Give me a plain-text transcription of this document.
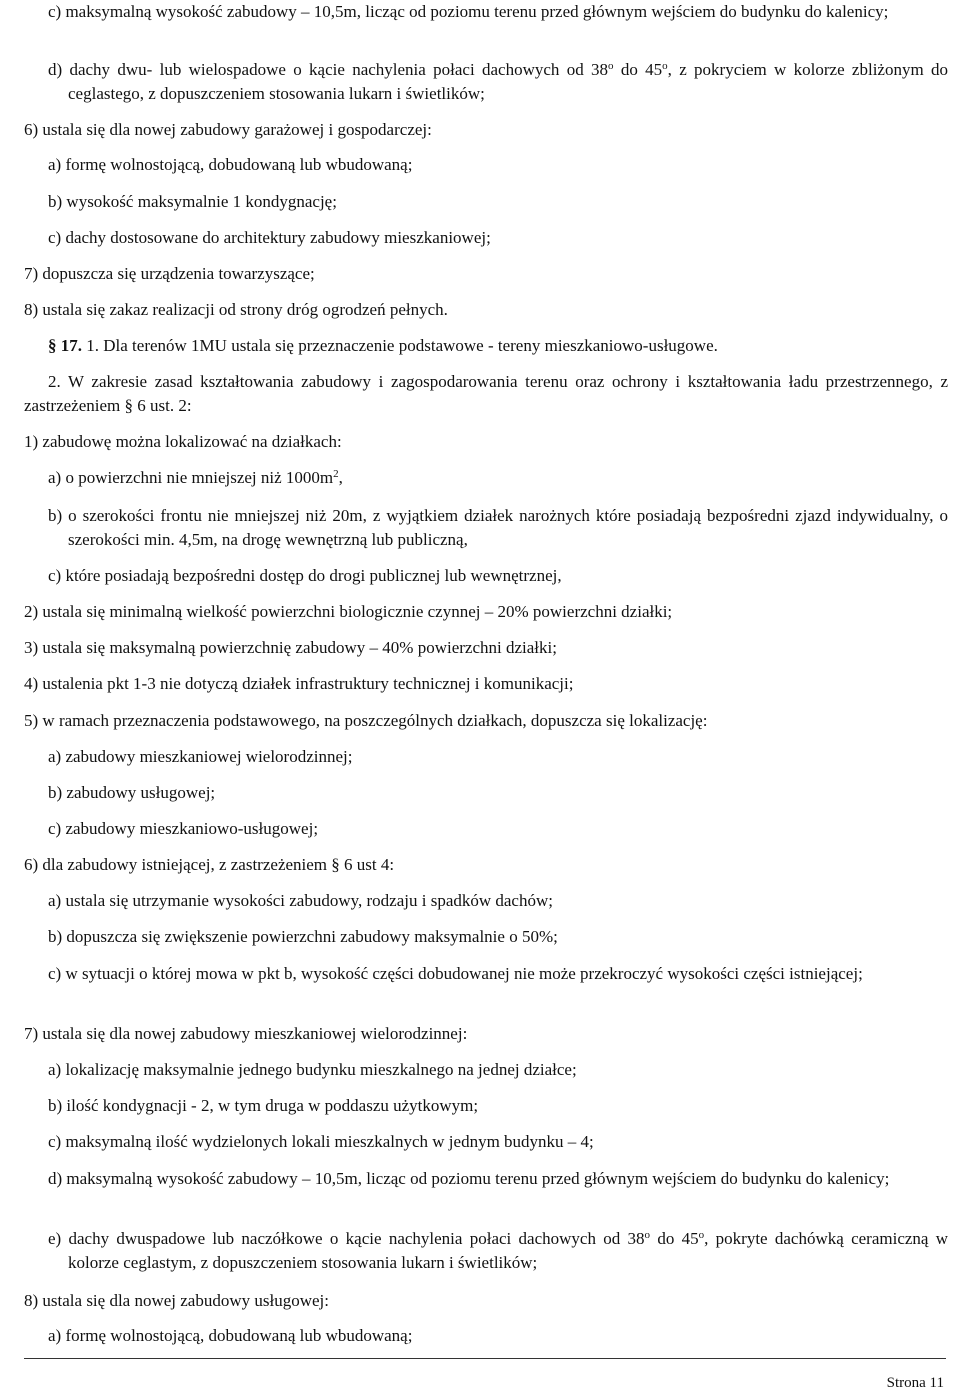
c) maksymalną wysokość zabudowy – 10,5m, licząc od poziomu terenu przed głównym wejściem do budynku do kalenicy;

d) dachy dwu- lub wielospadowe o kącie nachylenia połaci dachowych od 38$^o$ do 45$^o$, z pokryciem w kolorze zbliżonym do ceglastego, z dopuszczeniem stosowania lukarn i świetlików;

6) ustala się dla nowej zabudowy garażowej i gospodarczej:

a) formę wolnostojącą, dobudowaną lub wbudowaną;

b) wysokość maksymalnie 1 kondygnację;

c) dachy dostosowane do architektury zabudowy mieszkaniowej;

7) dopuszcza się urządzenia towarzyszące;

8) ustala się zakaz realizacji od strony dróg ogrodzeń pełnych.

§ 17. 1. Dla terenów 1MU ustala się przeznaczenie podstawowe - tereny mieszkaniowo-usługowe.

2. W zakresie zasad kształtowania zabudowy i zagospodarowania terenu oraz ochrony i kształtowania ładu przestrzennego, z zastrzeżeniem § 6 ust. 2:

1) zabudowę można lokalizować na działkach:

a) o powierzchni nie mniejszej niż $1000m^2$,

b) o szerokości frontu nie mniejszej niż 20m, z wyjątkiem działek narożnych które posiadają bezpośredni zjazd indywidualny, o szerokości min. 4,5m, na drogę wewnętrzną lub publiczną,

c) które posiadają bezpośredni dostęp do drogi publicznej lub wewnętrznej,

2) ustala się minimalną wielkość powierzchni biologicznie czynnej – 20% powierzchni działki;

3) ustala się maksymalną powierzchnię zabudowy – 40% powierzchni działki;

4) ustalenia pkt 1-3 nie dotyczą działek infrastruktury technicznej i komunikacji;

5) w ramach przeznaczenia podstawowego, na poszczególnych działkach, dopuszcza się lokalizację:

a) zabudowy mieszkaniowej wielorodzinnej;

b) zabudowy usługowej;

c) zabudowy mieszkaniowo-usługowej;

6) dla zabudowy istniejącej, z zastrzeżeniem § 6 ust 4:

a) ustala się utrzymanie wysokości zabudowy, rodzaju i spadków dachów;

b) dopuszcza się zwiększenie powierzchni zabudowy maksymalnie o 50%;

c) w sytuacji o której mowa w pkt b, wysokość części dobudowanej nie może przekroczyć wysokości części istniejącej;

7) ustala się dla nowej zabudowy mieszkaniowej wielorodzinnej:

a) lokalizację maksymalnie jednego budynku mieszkalnego na jednej działce;

b) ilość kondygnacji - 2, w tym druga w poddaszu użytkowym;

c) maksymalną ilość wydzielonych lokali mieszkalnych w jednym budynku – 4;

d) maksymalną wysokość zabudowy – 10,5m, licząc od poziomu terenu przed głównym wejściem do budynku do kalenicy;

e) dachy dwuspadowe lub naczółkowe o kącie nachylenia połaci dachowych od 38$^o$ do 45$^o$, pokryte dachówką ceramiczną w kolorze ceglastym, z dopuszczeniem stosowania lukarn i świetlików;

8) ustala się dla nowej zabudowy usługowej:

a) formę wolnostojącą, dobudowaną lub wbudowaną;

Strona 11
